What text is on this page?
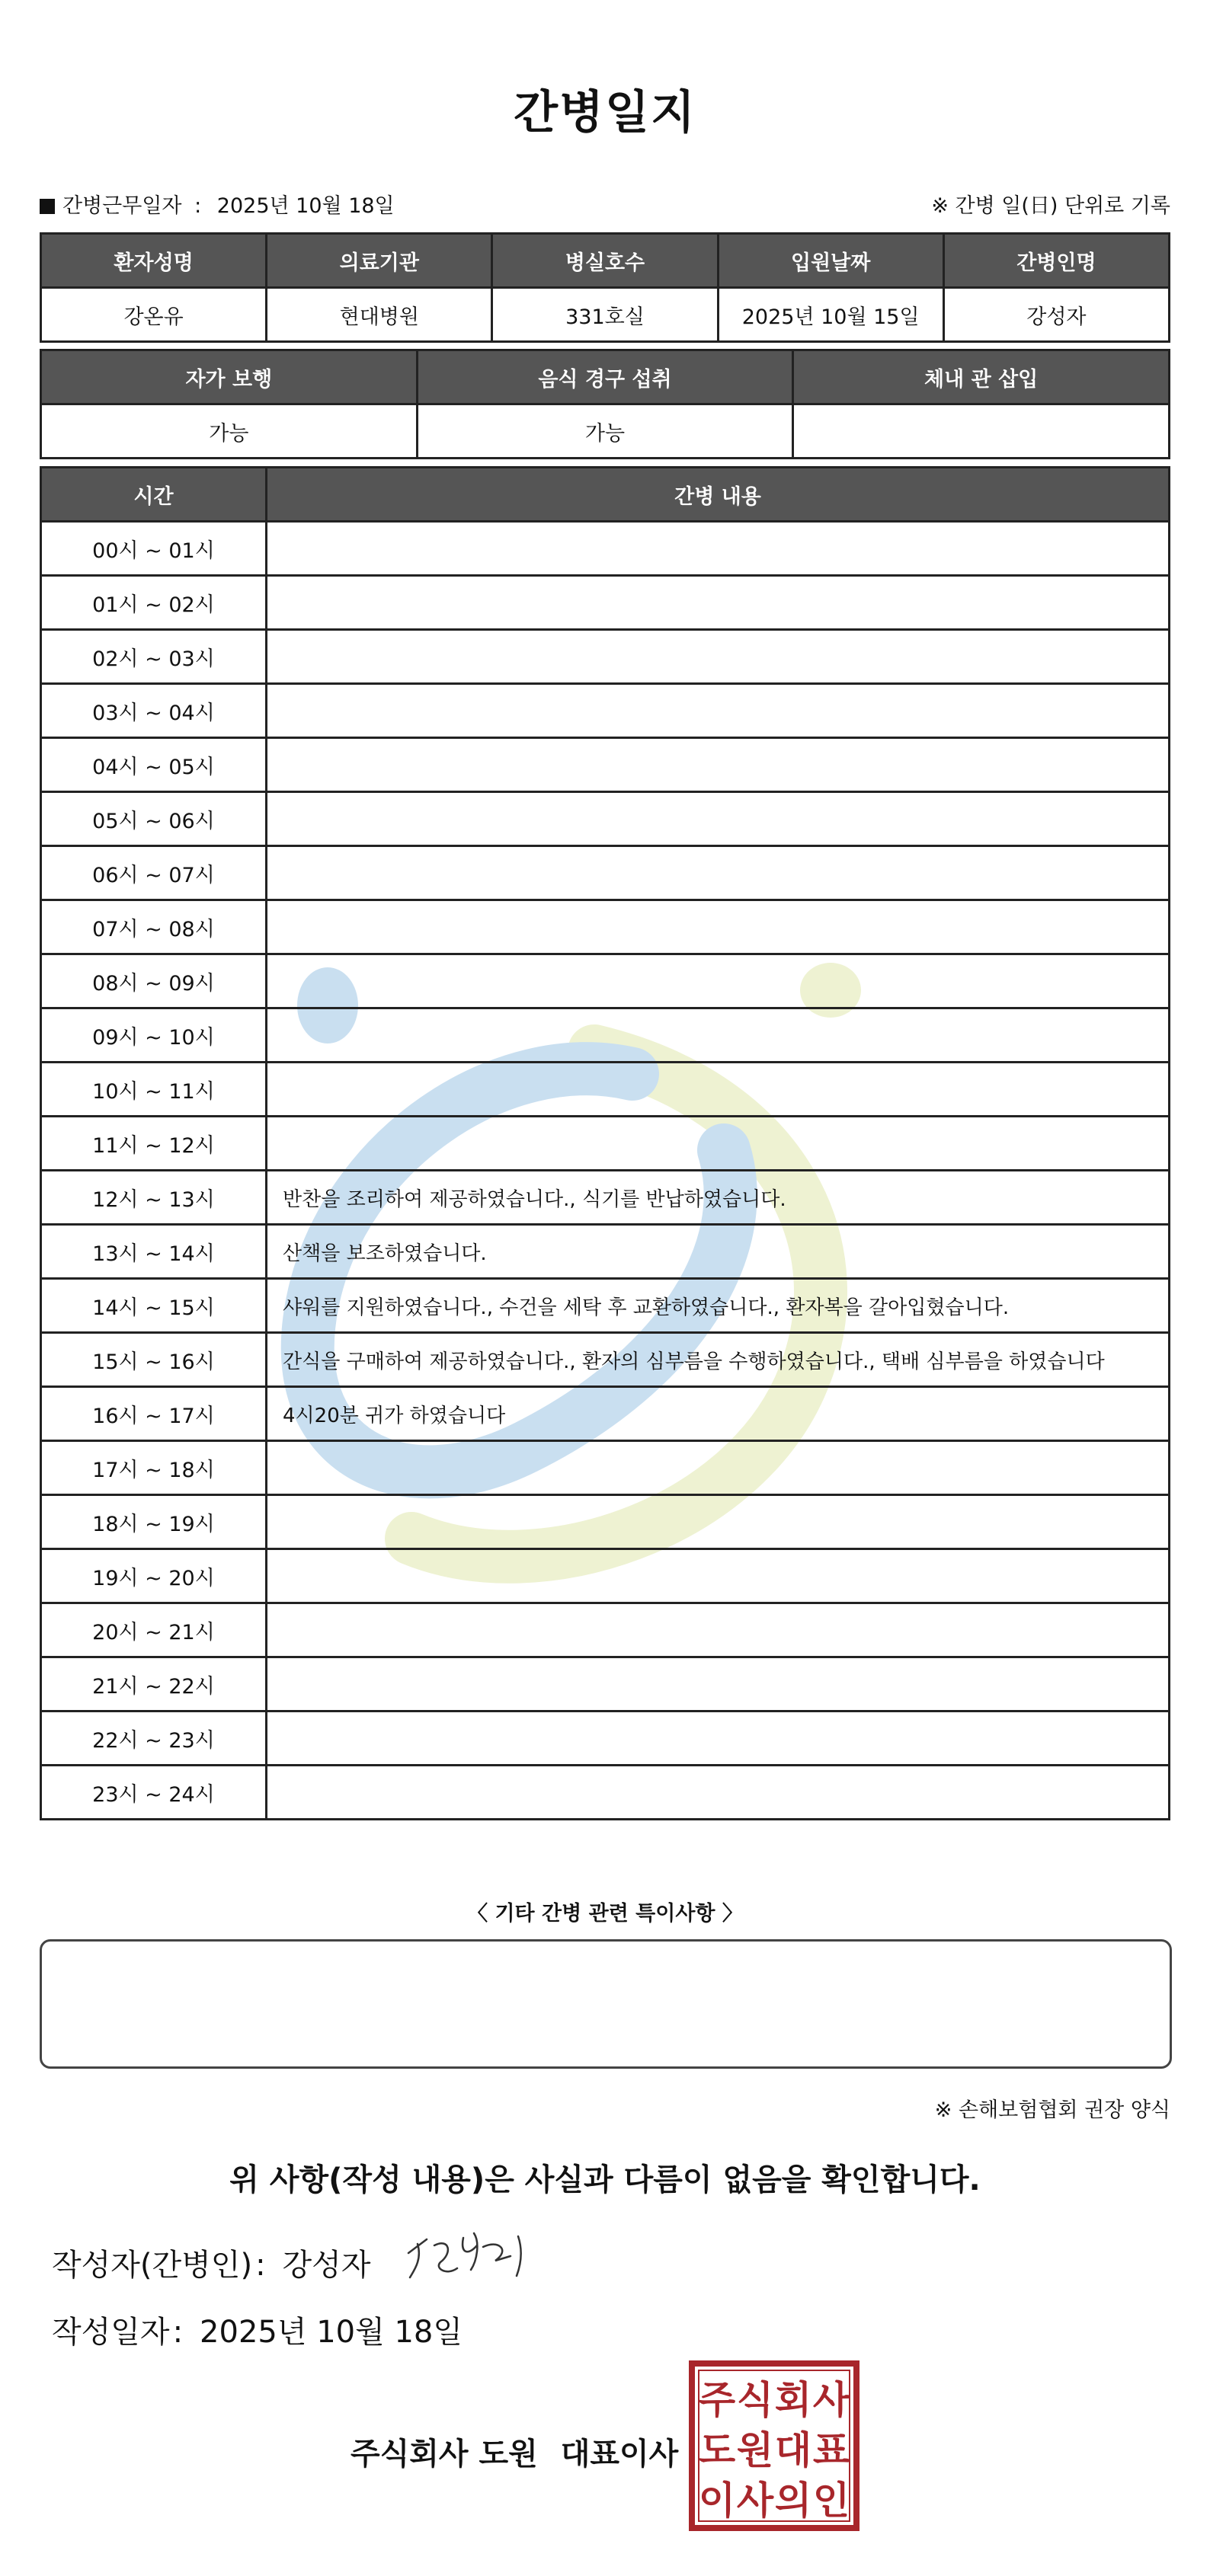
간병일지
간병근무일자 : 2025년 10월 18일	※ 간병 일(日) 단위로 기록
환자성명	의료기관	병실호수	입원날짜	간병인명
강온유	현대병원	331호실	2025년 10월 15일	강성자
자가 보행	음식 경구 섭취	체내 관 삽입
가능	가능	
시간	간병 내용
00시 ~ 01시	
01시 ~ 02시	
02시 ~ 03시	
03시 ~ 04시	
04시 ~ 05시	
05시 ~ 06시	
06시 ~ 07시	
07시 ~ 08시	
08시 ~ 09시	
09시 ~ 10시	
10시 ~ 11시	
11시 ~ 12시	
12시 ~ 13시	반찬을 조리하여 제공하였습니다., 식기를 반납하였습니다.
13시 ~ 14시	산책을 보조하였습니다.
14시 ~ 15시	샤워를 지원하였습니다., 수건을 세탁 후 교환하였습니다., 환자복을 갈아입혔습니다.
15시 ~ 16시	간식을 구매하여 제공하였습니다., 환자의 심부름을 수행하였습니다., 택배 심부름을 하였습니다
16시 ~ 17시	4시20분 귀가 하였습니다
17시 ~ 18시	
18시 ~ 19시	
19시 ~ 20시	
20시 ~ 21시	
21시 ~ 22시	
22시 ~ 23시	
23시 ~ 24시	
〈 기타 간병 관련 특이사항 〉
※ 손해보험협회 권장 양식
위 사항(작성 내용)은 사실과 다름이 없음을 확인합니다.
작성자(간병인) : 강성자
작성일자 : 2025년 10월 18일
주식회사 도원 대표이사
주 식 회 사
도 원 대 표
이 사 의 인
